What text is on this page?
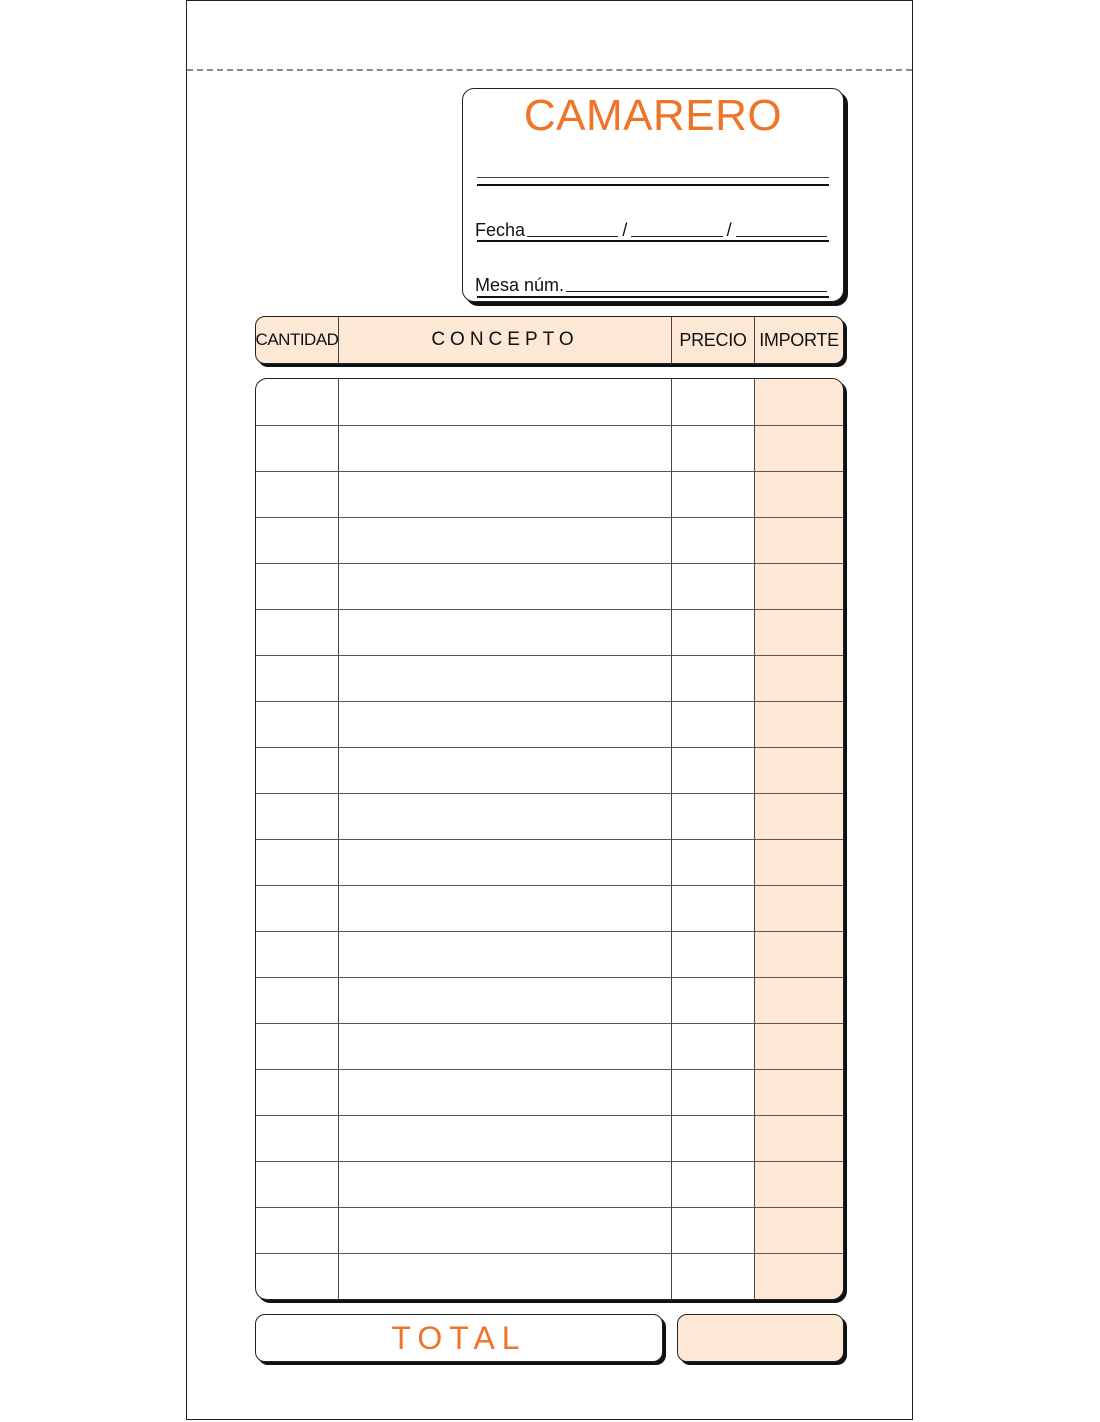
CAMARERO
Fecha	/	/
Mesa núm.
CANTIDAD	CONCEPTO	PRECIO IMPORTE
TOTAL
